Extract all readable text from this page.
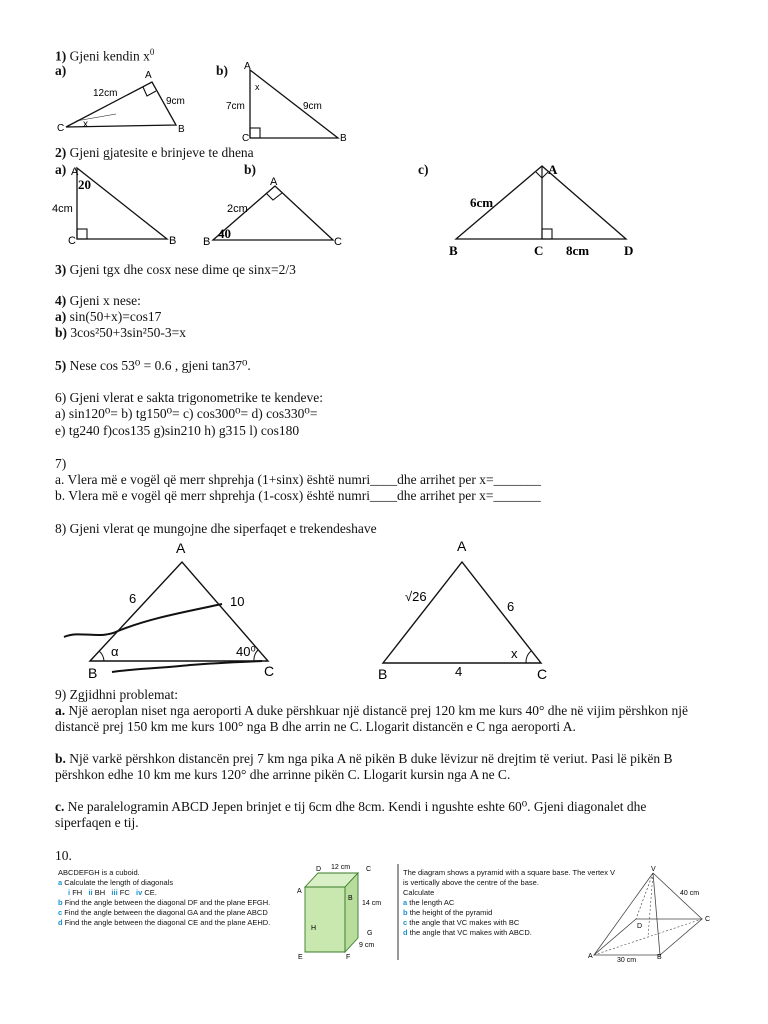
1) Gjeni kendin $x^0$
a)	b)
A
B
C
12cm
9cm
x
A
B
C
7cm	9cm
x
2) Gjeni gjatesite e brinjeve te dhena
a)	b)	c)
A
B
C
4cm
20	A
B	C
2cm
40
A
B	C	D
6cm
8cm
3) Gjeni tgx dhe cosx nese dime qe sinx=2/3
4) Gjeni x nese:
a) sin(50+x)=cos17
b) 3cos²50+3sin²50-3=x
5) Nese cos 53⁰ = 0.6 , gjeni tan37⁰.
6) Gjeni vlerat e sakta trigonometrike te kendeve:
a) sin120⁰= b) tg150⁰= c) cos300⁰= d) cos330⁰=
e) tg240 f)cos135 g)sin210 h) g315 l) cos180
7)
a. Vlera më e vogël që merr shprehja (1+sinx) është numri____dhe arrihet per x=_______
b. Vlera më e vogël që merr shprehja (1-cosx) është numri____dhe arrihet per x=_______
8) Gjeni vlerat qe mungojne dhe siperfaqet e trekendeshave
A
B	C
6	10
α	40⁰
A
B	C
√26
6
4
x
9) Zgjidhni problemat:
a. Një aeroplan niset nga aeroporti A duke përshkuar një distancë prej 120 km me kurs 40° dhe në vijim përshkon një
distancë prej 150 km me kurs 100° nga B dhe arrin ne C. Llogarit distancën e C nga aeroporti A.
b. Një varkë përshkon distancën prej 7 km nga pika A në pikën B duke lëvizur në drejtim të veriut. Pasi lë pikën B
përshkon edhe 10 km me kurs 120° dhe arrinne pikën C. Llogarit kursin nga A ne C.
c. Ne paralelogramin ABCD Jepen brinjet e tij 6cm dhe 8cm. Kendi i ngushte eshte 60⁰. Gjeni diagonalet dhe
siperfaqen e tij.
10.
ABCDEFGH is a cuboid.
a Calculate the length of diagonals
i FH ii BH iii FC iv CE.
b Find the angle between the diagonal DF and the plane EFGH.
c Find the angle between the diagonal GA and the plane ABCD
d Find the angle between the diagonal CE and the plane AEHD.
D	C
12 cm
A
B
14 cm
H
G
9 cm
E	F
V
40 cm
C
D
A	B
30 cm
The diagram shows a pyramid with a square base. The vertex V
is vertically above the centre of the base.
Calculate
a the length AC
b the height of the pyramid
c the angle that VC makes with BC
d the angle that VC makes with ABCD.
